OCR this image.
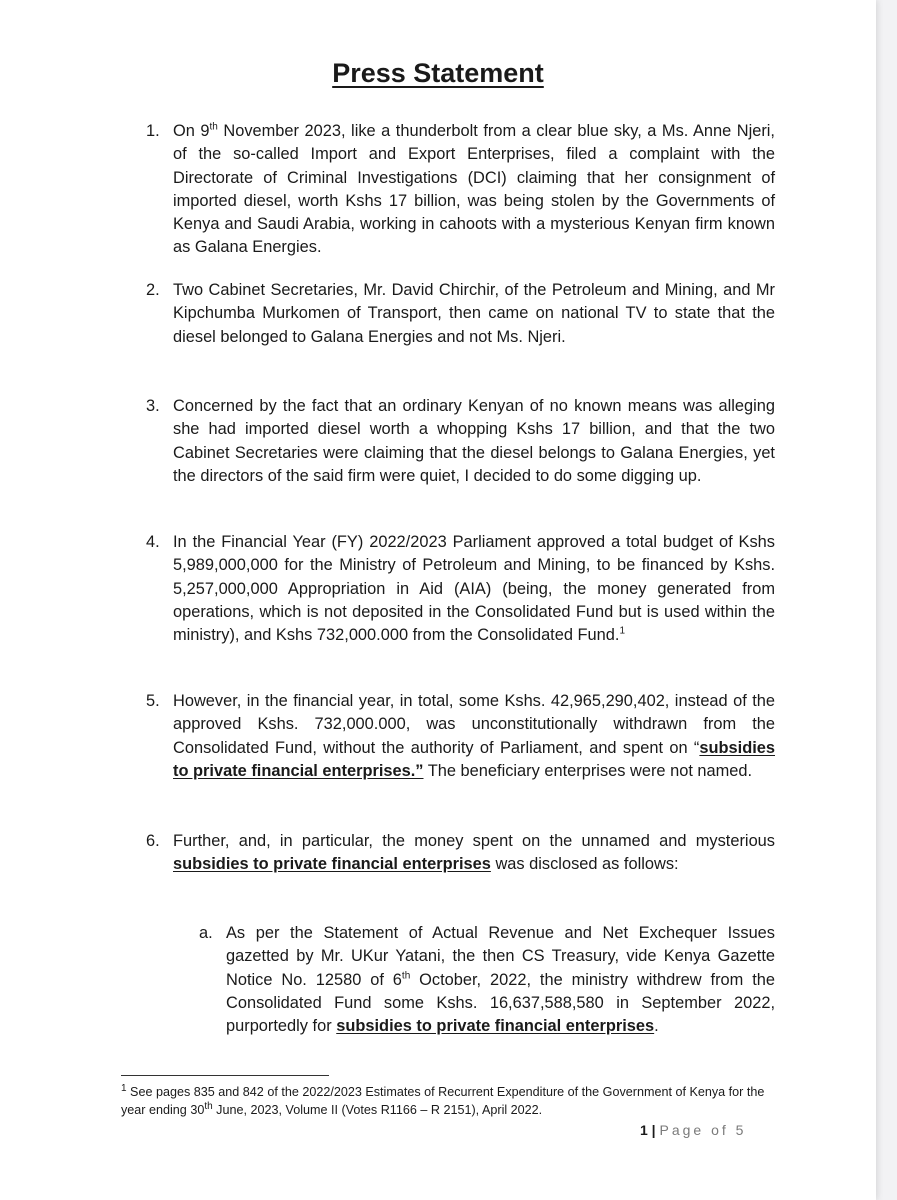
Press Statement
1. On 9th November 2023, like a thunderbolt from a clear blue sky, a Ms. Anne Njeri, of the so-called Import and Export Enterprises, filed a complaint with the Directorate of Criminal Investigations (DCI) claiming that her consignment of imported diesel, worth Kshs 17 billion, was being stolen by the Governments of Kenya and Saudi Arabia, working in cahoots with a mysterious Kenyan firm known as Galana Energies.
2. Two Cabinet Secretaries, Mr. David Chirchir, of the Petroleum and Mining, and Mr Kipchumba Murkomen of Transport, then came on national TV to state that the diesel belonged to Galana Energies and not Ms. Njeri.
3. Concerned by the fact that an ordinary Kenyan of no known means was alleging she had imported diesel worth a whopping Kshs 17 billion, and that the two Cabinet Secretaries were claiming that the diesel belongs to Galana Energies, yet the directors of the said firm were quiet, I decided to do some digging up.
4. In the Financial Year (FY) 2022/2023 Parliament approved a total budget of Kshs 5,989,000,000 for the Ministry of Petroleum and Mining, to be financed by Kshs. 5,257,000,000 Appropriation in Aid (AIA) (being, the money generated from operations, which is not deposited in the Consolidated Fund but is used within the ministry), and Kshs 732,000.000 from the Consolidated Fund.$^1$
5. However, in the financial year, in total, some Kshs. 42,965,290,402, instead of the approved Kshs. 732,000.000, was unconstitutionally withdrawn from the Consolidated Fund, without the authority of Parliament, and spent on “subsidies to private financial enterprises.” The beneficiary enterprises were not named.
6. Further, and, in particular, the money spent on the unnamed and mysterious subsidies to private financial enterprises was disclosed as follows:
a. As per the Statement of Actual Revenue and Net Exchequer Issues gazetted by Mr. UKur Yatani, the then CS Treasury, vide Kenya Gazette Notice No. 12580 of 6th October, 2022, the ministry withdrew from the Consolidated Fund some Kshs. 16,637,588,580 in September 2022, purportedly for subsidies to private financial enterprises.
$^1$ See pages 835 and 842 of the 2022/2023 Estimates of Recurrent Expenditure of the Government of Kenya for the year ending 30th June, 2023, Volume II (Votes R1166 – R 2151), April 2022.
1 | Page of 5
